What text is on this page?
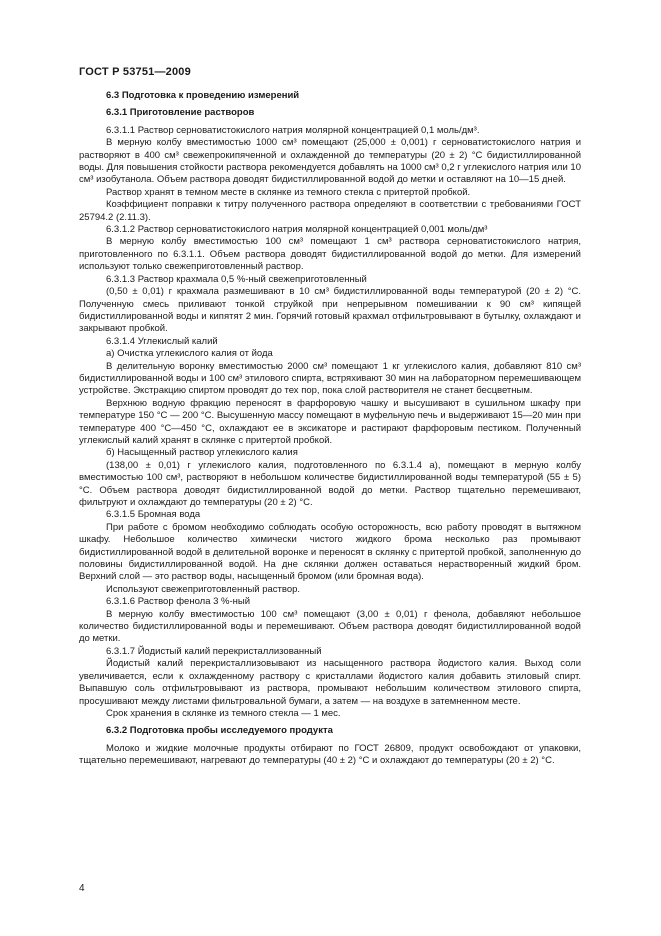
ГОСТ Р 53751—2009
6.3 Подготовка к проведению измерений
6.3.1 Приготовление растворов

6.3.1.1 Раствор серноватистокислого натрия молярной концентрацией 0,1 моль/дм³.

В мерную колбу вместимостью 1000 см³ помещают (25,000 ± 0,001) г серноватистокислого натрия и растворяют в 400 см³ свежепрокипяченной и охлажденной до температуры (20 ± 2) °С бидистиллированной воды. Для повышения стойкости раствора рекомендуется добавлять на 1000 см³ 0,2 г углекислого натрия или 10 см³ изобутанола. Объем раствора доводят бидистиллированной водой до метки и оставляют на 10—15 дней.

Раствор хранят в темном месте в склянке из темного стекла с притертой пробкой.

Коэффициент поправки к титру полученного раствора определяют в соответствии с требованиями ГОСТ 25794.2 (2.11.3).

6.3.1.2 Раствор серноватистокислого натрия молярной концентрацией 0,001 моль/дм³

В мерную колбу вместимостью 100 см³ помещают 1 см³ раствора серноватистокислого натрия, приготовленного по 6.3.1.1. Объем раствора доводят бидистиллированной водой до метки. Для измерений используют только свежеприготовленный раствор.

6.3.1.3 Раствор крахмала 0,5 %-ный свежеприготовленный

(0,50 ± 0,01) г крахмала размешивают в 10 см³ бидистиллированной воды температурой (20 ± 2) °С. Полученную смесь приливают тонкой струйкой при непрерывном помешивании к 90 см³ кипящей бидистиллированной воды и кипятят 2 мин. Горячий готовый крахмал отфильтровывают в бутылку, охлаждают и закрывают пробкой.

6.3.1.4 Углекислый калий

а) Очистка углекислого калия от йода

В делительную воронку вместимостью 2000 см³ помещают 1 кг углекислого калия, добавляют 810 см³ бидистиллированной воды и 100 см³ этилового спирта, встряхивают 30 мин на лабораторном перемешивающем устройстве. Экстракцию спиртом проводят до тех пор, пока слой растворителя не станет бесцветным.

Верхнюю водную фракцию переносят в фарфоровую чашку и высушивают в сушильном шкафу при температуре 150 °С — 200 °С. Высушенную массу помещают в муфельную печь и выдерживают 15—20 мин при температуре 400 °С—450 °С, охлаждают ее в эксикаторе и растирают фарфоровым пестиком. Полученный углекислый калий хранят в склянке с притертой пробкой.

б) Насыщенный раствор углекислого калия

(138,00 ± 0,01) г углекислого калия, подготовленного по 6.3.1.4 а), помещают в мерную колбу вместимостью 100 см³, растворяют в небольшом количестве бидистиллированной воды температурой (55 ± 5) °С. Объем раствора доводят бидистиллированной водой до метки. Раствор тщательно перемешивают, фильтруют и охлаждают до температуры (20 ± 2) °С.

6.3.1.5 Бромная вода

При работе с бромом необходимо соблюдать особую осторожность, всю работу проводят в вытяжном шкафу. Небольшое количество химически чистого жидкого брома несколько раз промывают бидистиллированной водой в делительной воронке и переносят в склянку с притертой пробкой, заполненную до половины бидистиллированной водой. На дне склянки должен оставаться нерастворенный жидкий бром. Верхний слой — это раствор воды, насыщенный бромом (или бромная вода).

Используют свежеприготовленный раствор.

6.3.1.6 Раствор фенола 3 %-ный

В мерную колбу вместимостью 100 см³ помещают (3,00 ± 0,01) г фенола, добавляют небольшое количество бидистиллированной воды и перемешивают. Объем раствора доводят бидистиллированной водой до метки.

6.3.1.7 Йодистый калий перекристаллизованный

Йодистый калий перекристаллизовывают из насыщенного раствора йодистого калия. Выход соли увеличивается, если к охлажденному раствору с кристаллами йодистого калия добавить этиловый спирт. Выпавшую соль отфильтровывают из раствора, промывают небольшим количеством этилового спирта, просушивают между листами фильтровальной бумаги, а затем — на воздухе в затемненном месте.

Срок хранения в склянке из темного стекла — 1 мес.

6.3.2 Подготовка пробы исследуемого продукта

Молоко и жидкие молочные продукты отбирают по ГОСТ 26809, продукт освобождают от упаковки, тщательно перемешивают, нагревают до температуры (40 ± 2) °С и охлаждают до температуры (20 ± 2) °С.

4
